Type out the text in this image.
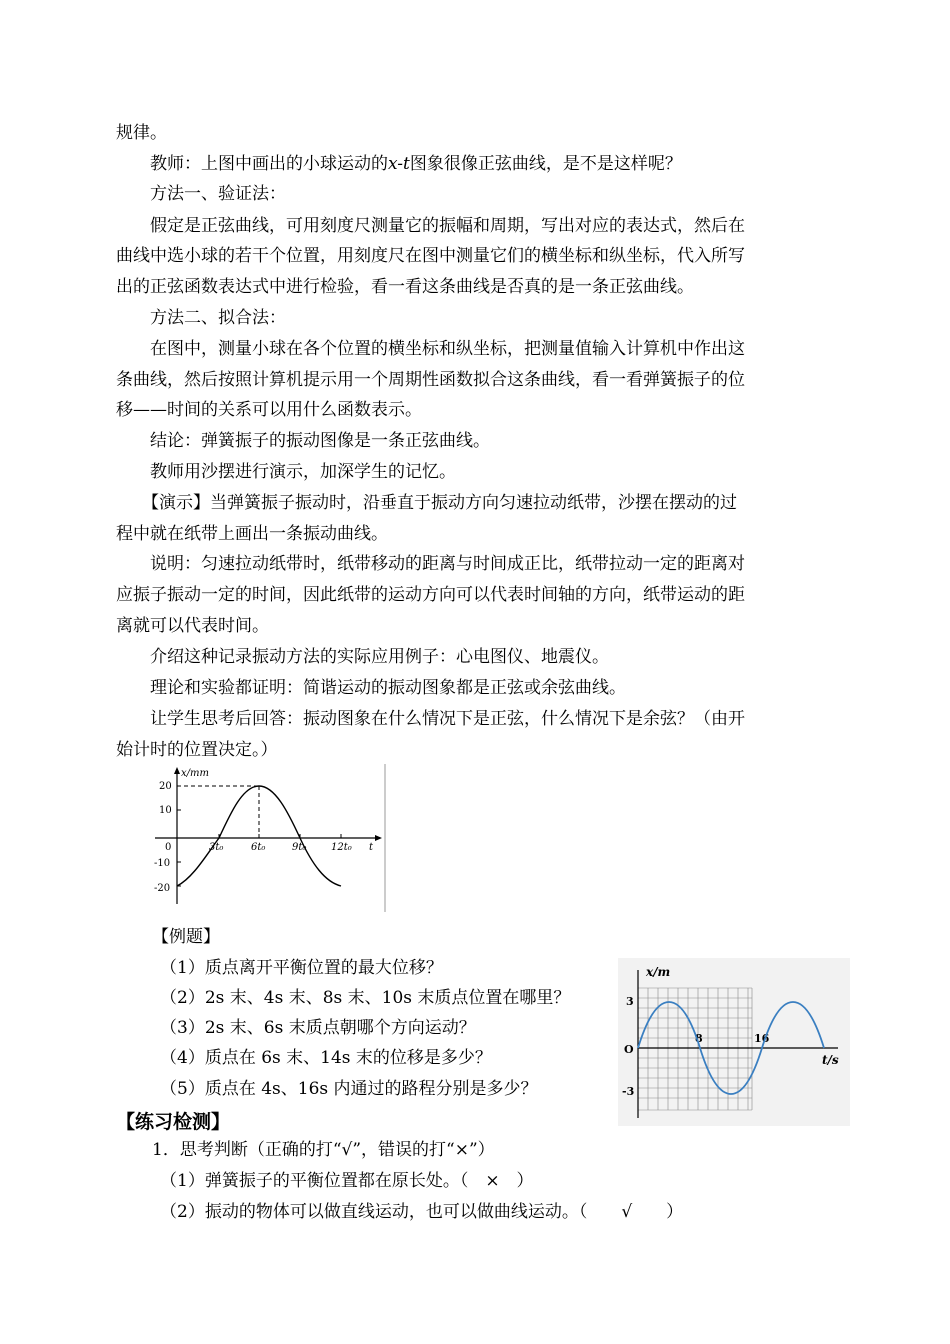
规律。
教师：上图中画出的小球运动的x-t图象很像正弦曲线，是不是这样呢？
方法一、验证法：
假定是正弦曲线，可用刻度尺测量它的振幅和周期，写出对应的表达式，然后在
曲线中选小球的若干个位置，用刻度尺在图中测量它们的横坐标和纵坐标，代入所写
出的正弦函数表达式中进行检验，看一看这条曲线是否真的是一条正弦曲线。
方法二、拟合法：
在图中，测量小球在各个位置的横坐标和纵坐标，把测量值输入计算机中作出这
条曲线，然后按照计算机提示用一个周期性函数拟合这条曲线，看一看弹簧振子的位
移——时间的关系可以用什么函数表示。
结论：弹簧振子的振动图像是一条正弦曲线。
教师用沙摆进行演示，加深学生的记忆。
【演示】当弹簧振子振动时，沿垂直于振动方向匀速拉动纸带，沙摆在摆动的过
程中就在纸带上画出一条振动曲线。
说明：匀速拉动纸带时，纸带移动的距离与时间成正比，纸带拉动一定的距离对
应振子振动一定的时间，因此纸带的运动方向可以代表时间轴的方向，纸带运动的距
离就可以代表时间。
介绍这种记录振动方法的实际应用例子：心电图仪、地震仪。
理论和实验都证明：简谐运动的振动图象都是正弦或余弦曲线。
让学生思考后回答：振动图象在什么情况下是正弦，什么情况下是余弦？（由开
始计时的位置决定。）
x/mm
20
10
0
-10
-20
3t₀	6t₀	9t₀ 12t₀ t
【例题】
（1）质点离开平衡位置的最大位移？
（2）2s 末、4s 末、8s 末、10s 末质点位置在哪里？
（3）2s 末、6s 末质点朝哪个方向运动？
（4）质点在 6s 末、14s 末的位移是多少？
（5）质点在 4s、16s 内通过的路程分别是多少？
x/m
3
O
-3
8	16
t/s
【练习检测】
1．思考判断（正确的打“√”，错误的打“×”）
（1）弹簧振子的平衡位置都在原长处。（　×　）
（2）振动的物体可以做直线运动，也可以做曲线运动。（　　√　　）
